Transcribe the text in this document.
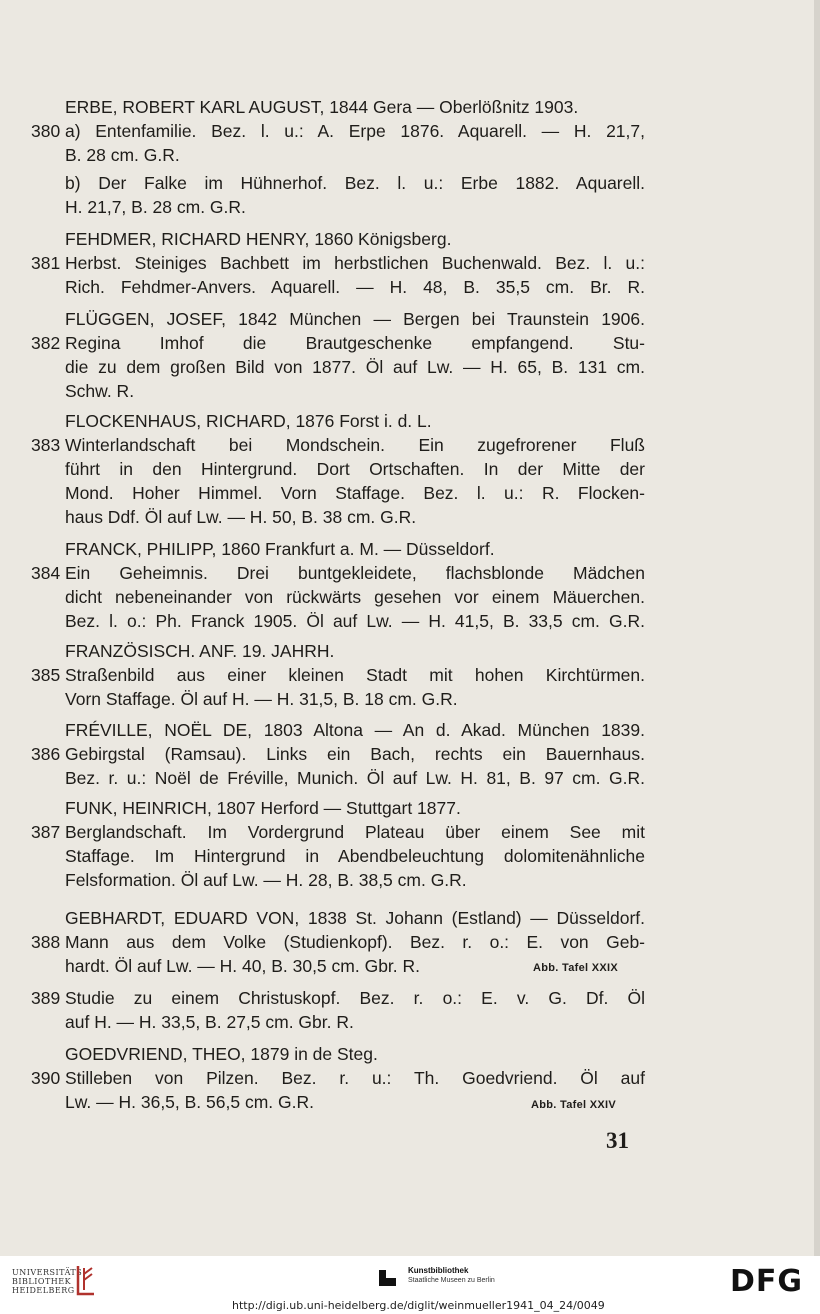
ERBE, ROBERT KARL AUGUST, 1844 Gera — Oberlößnitz 1903.
380 a) Entenfamilie. Bez. l. u.: A. Erpe 1876. Aquarell. — H. 21,7,
B. 28 cm. G.R.
b) Der Falke im Hühnerhof. Bez. l. u.: Erbe 1882. Aquarell.
H. 21,7, B. 28 cm. G.R.
FEHDMER, RICHARD HENRY, 1860 Königsberg.
381 Herbst. Steiniges Bachbett im herbstlichen Buchenwald. Bez. l. u.:
Rich. Fehdmer-Anvers. Aquarell. — H. 48, B. 35,5 cm. Br. R.
FLÜGGEN, JOSEF, 1842 München — Bergen bei Traunstein 1906.
382 Regina Imhof die Brautgeschenke empfangend. Stu-
die zu dem großen Bild von 1877. Öl auf Lw. — H. 65, B. 131 cm.
Schw. R.
FLOCKENHAUS, RICHARD, 1876 Forst i. d. L.
383 Winterlandschaft bei Mondschein. Ein zugefrorener Fluß
führt in den Hintergrund. Dort Ortschaften. In der Mitte der
Mond. Hoher Himmel. Vorn Staffage. Bez. l. u.: R. Flocken-
haus Ddf. Öl auf Lw. — H. 50, B. 38 cm. G.R.
FRANCK, PHILIPP, 1860 Frankfurt a. M. — Düsseldorf.
384 Ein Geheimnis. Drei buntgekleidete, flachsblonde Mädchen
dicht nebeneinander von rückwärts gesehen vor einem Mäuerchen.
Bez. l. o.: Ph. Franck 1905. Öl auf Lw. — H. 41,5, B. 33,5 cm. G.R.
FRANZÖSISCH. ANF. 19. JAHRH.
385 Straßenbild aus einer kleinen Stadt mit hohen Kirchtürmen.
Vorn Staffage. Öl auf H. — H. 31,5, B. 18 cm. G.R.
FRÉVILLE, NOËL DE, 1803 Altona — An d. Akad. München 1839.
386 Gebirgstal (Ramsau). Links ein Bach, rechts ein Bauernhaus.
Bez. r. u.: Noël de Fréville, Munich. Öl auf Lw. H. 81, B. 97 cm. G.R.
FUNK, HEINRICH, 1807 Herford — Stuttgart 1877.
387 Berglandschaft. Im Vordergrund Plateau über einem See mit
Staffage. Im Hintergrund in Abendbeleuchtung dolomitenähnliche
Felsformation. Öl auf Lw. — H. 28, B. 38,5 cm. G.R.
GEBHARDT, EDUARD VON, 1838 St. Johann (Estland) — Düsseldorf.
388 Mann aus dem Volke (Studienkopf). Bez. r. o.: E. von Geb-
hardt. Öl auf Lw. — H. 40, B. 30,5 cm. Gbr. R.	Abb. Tafel XXIX
389 Studie zu einem Christuskopf. Bez. r. o.: E. v. G. Df. Öl
auf H. — H. 33,5, B. 27,5 cm. Gbr. R.
GOEDVRIEND, THEO, 1879 in de Steg.
390 Stilleben von Pilzen. Bez. r. u.: Th. Goedvriend. Öl auf
Lw. — H. 36,5, B. 56,5 cm. G.R.	Abb. Tafel XXIV
31
UNIVERSITÄTS
BIBLIOTHEK
HEIDELBERG
Kunstbibliothek
Staatliche Museen zu Berlin	DFG
http://digi.ub.uni-heidelberg.de/diglit/weinmueller1941_04_24/0049
